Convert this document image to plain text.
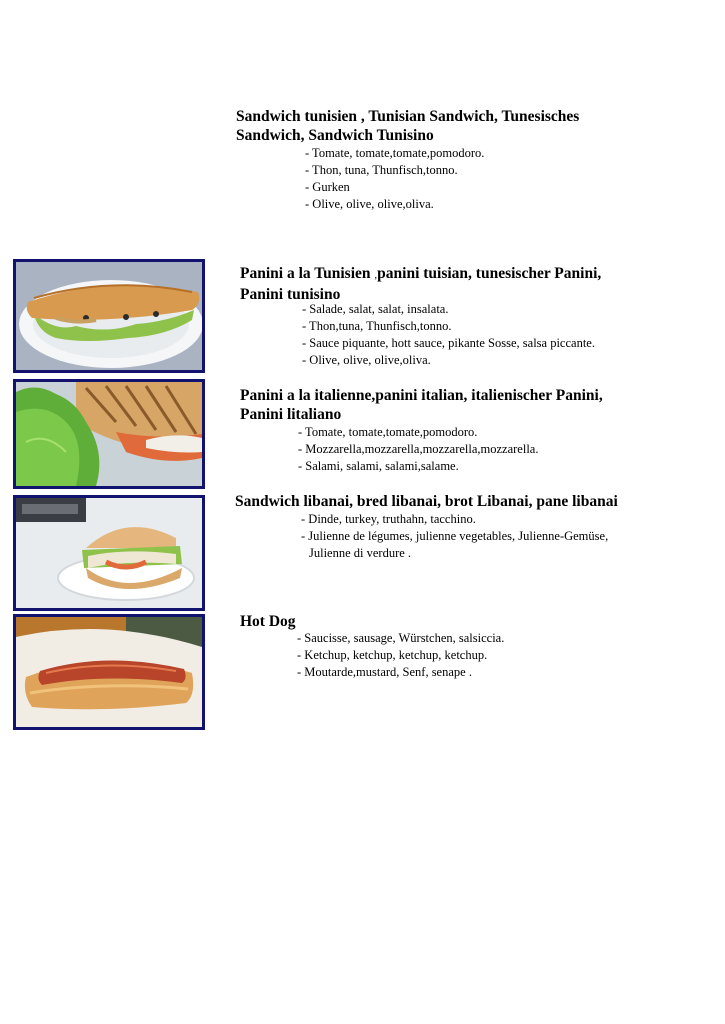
Sandwich tunisien , Tunisian Sandwich, Tunesisches
Sandwich, Sandwich Tunisino

- Tomate, tomate,tomate,pomodoro.
- Thon, tuna, Thunfisch,tonno.
- Gurken
- Olive, olive, olive,oliva.

Panini a la Tunisien ,panini tuisian, tunesischer Panini,
Panini tunisino

- Salade, salat, salat, insalata.
- Thon,tuna, Thunfisch,tonno.
- Sauce piquante, hott sauce, pikante Sosse, salsa piccante.
- Olive, olive, olive,oliva.

Panini a la italienne,panini italian, italienischer Panini,
Panini litaliano

- Tomate, tomate,tomate,pomodoro.
- Mozzarella,mozzarella,mozzarella,mozzarella.
- Salami, salami, salami,salame.

Sandwich libanai, bred libanai, brot Libanai, pane libanai

- Dinde, turkey, truthahn, tacchino.
- Julienne de légumes, julienne vegetables, Julienne-Gemüse,
Julienne di verdure .

Hot Dog

- Saucisse, sausage, Würstchen, salsiccia.
- Ketchup, ketchup, ketchup, ketchup.
- Moutarde,mustard, Senf, senape .
